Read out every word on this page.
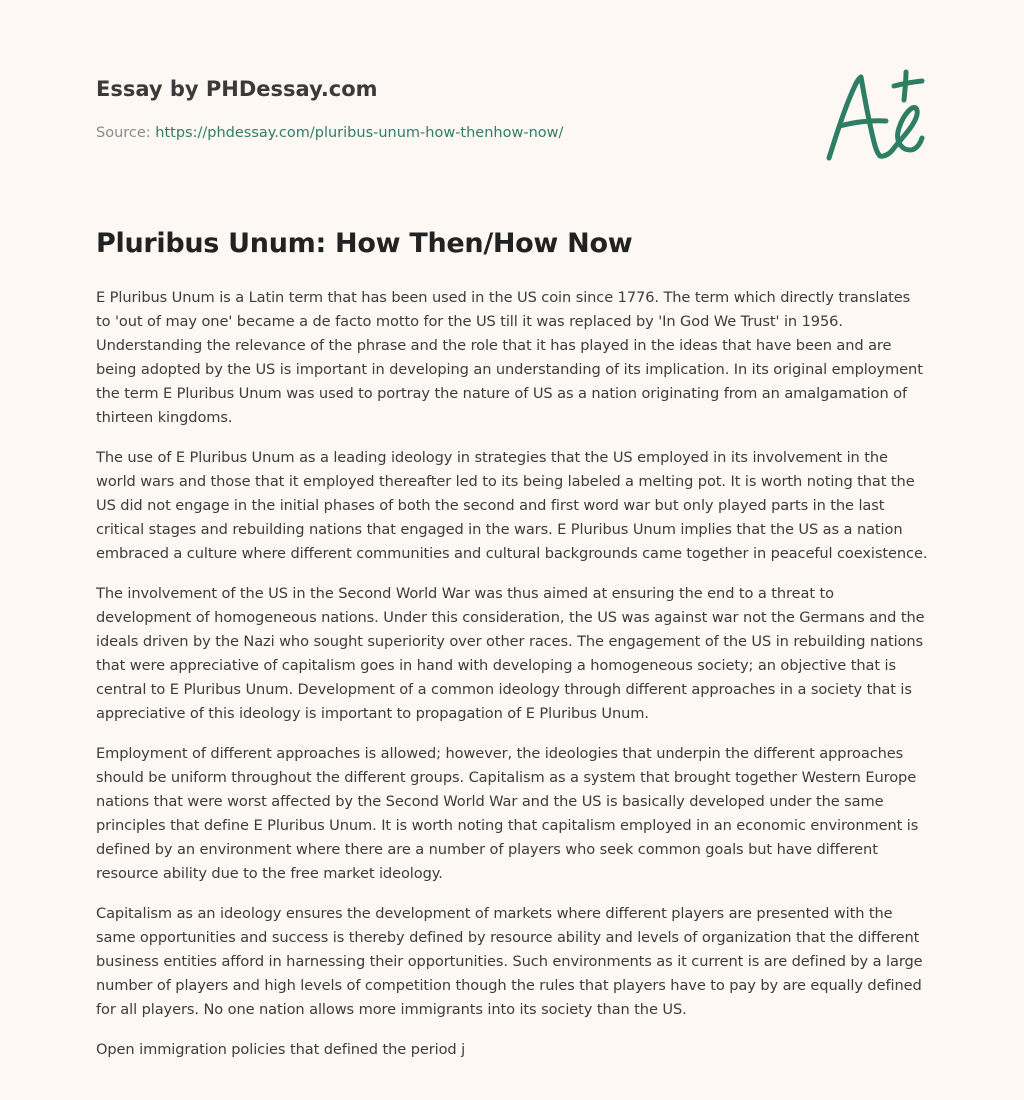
Essay by PHDessay.com
Source: https://phdessay.com/pluribus-unum-how-thenhow-now/
Pluribus Unum: How Then/How Now

E Pluribus Unum is a Latin term that has been used in the US coin since 1776. The term which directly translates to 'out of may one' became a de facto motto for the US till it was replaced by 'In God We Trust' in 1956. Understanding the relevance of the phrase and the role that it has played in the ideas that have been and are being adopted by the US is important in developing an understanding of its implication. In its original employment the term E Pluribus Unum was used to portray the nature of US as a nation originating from an amalgamation of thirteen kingdoms.

The use of E Pluribus Unum as a leading ideology in strategies that the US employed in its involvement in the world wars and those that it employed thereafter led to its being labeled a melting pot. It is worth noting that the US did not engage in the initial phases of both the second and first word war but only played parts in the last critical stages and rebuilding nations that engaged in the wars. E Pluribus Unum implies that the US as a nation embraced a culture where different communities and cultural backgrounds came together in peaceful coexistence.

The involvement of the US in the Second World War was thus aimed at ensuring the end to a threat to development of homogeneous nations. Under this consideration, the US was against war not the Germans and the ideals driven by the Nazi who sought superiority over other races. The engagement of the US in rebuilding nations that were appreciative of capitalism goes in hand with developing a homogeneous society; an objective that is central to E Pluribus Unum. Development of a common ideology through different approaches in a society that is appreciative of this ideology is important to propagation of E Pluribus Unum.

Employment of different approaches is allowed; however, the ideologies that underpin the different approaches should be uniform throughout the different groups. Capitalism as a system that brought together Western Europe nations that were worst affected by the Second World War and the US is basically developed under the same principles that define E Pluribus Unum. It is worth noting that capitalism employed in an economic environment is defined by an environment where there are a number of players who seek common goals but have different resource ability due to the free market ideology.

Capitalism as an ideology ensures the development of markets where different players are presented with the same opportunities and success is thereby defined by resource ability and levels of organization that the different business entities afford in harnessing their opportunities. Such environments as it current is are defined by a large number of players and high levels of competition though the rules that players have to pay by are equally defined for all players. No one nation allows more immigrants into its society than the US.

Open immigration policies that defined the period j
